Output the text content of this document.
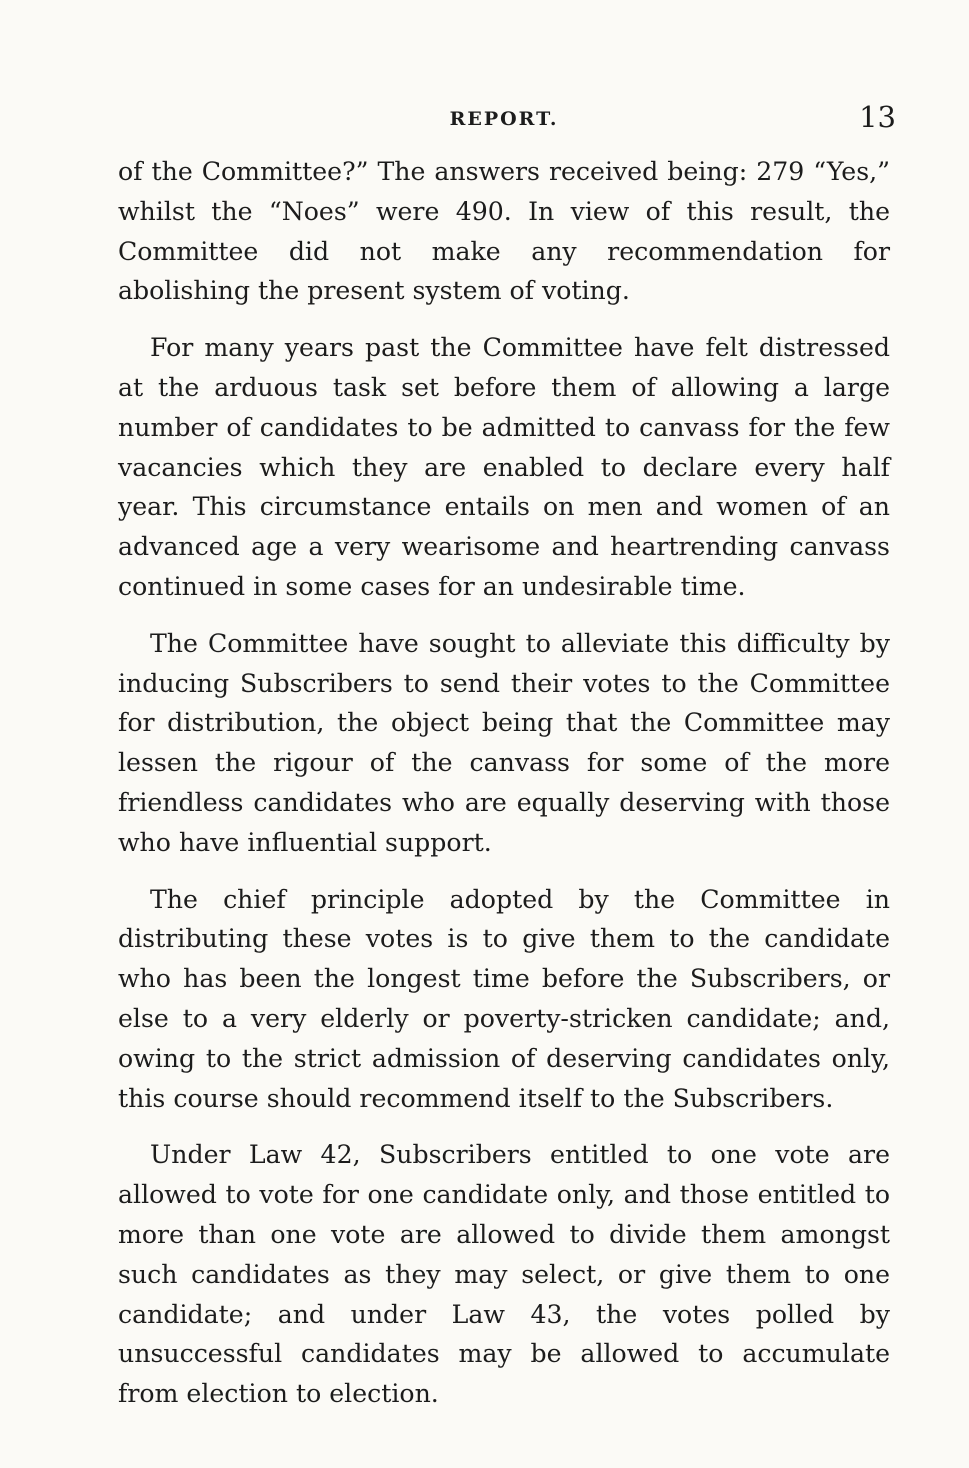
REPORT.	13

of the Committee?” The answers received being: 279 “Yes,” whilst the “Noes” were 490. In view of this result, the Committee did not make any recommendation for abolishing the present system of voting.

For many years past the Committee have felt distressed at the arduous task set before them of allowing a large number of candidates to be admitted to canvass for the few vacancies which they are enabled to declare every half year. This circumstance entails on men and women of an advanced age a very wearisome and heartrending canvass continued in some cases for an undesirable time.

The Committee have sought to alleviate this difficulty by inducing Subscribers to send their votes to the Committee for distribution, the object being that the Committee may lessen the rigour of the canvass for some of the more friendless candidates who are equally deserving with those who have influential support.

The chief principle adopted by the Committee in distributing these votes is to give them to the candidate who has been the longest time before the Subscribers, or else to a very elderly or poverty-stricken candidate; and, owing to the strict admission of deserving candidates only, this course should recommend itself to the Subscribers.

Under Law 42, Subscribers entitled to one vote are allowed to vote for one candidate only, and those entitled to more than one vote are allowed to divide them amongst such candidates as they may select, or give them to one candidate; and under Law 43, the votes polled by unsuccessful candidates may be allowed to accumulate from election to election.
